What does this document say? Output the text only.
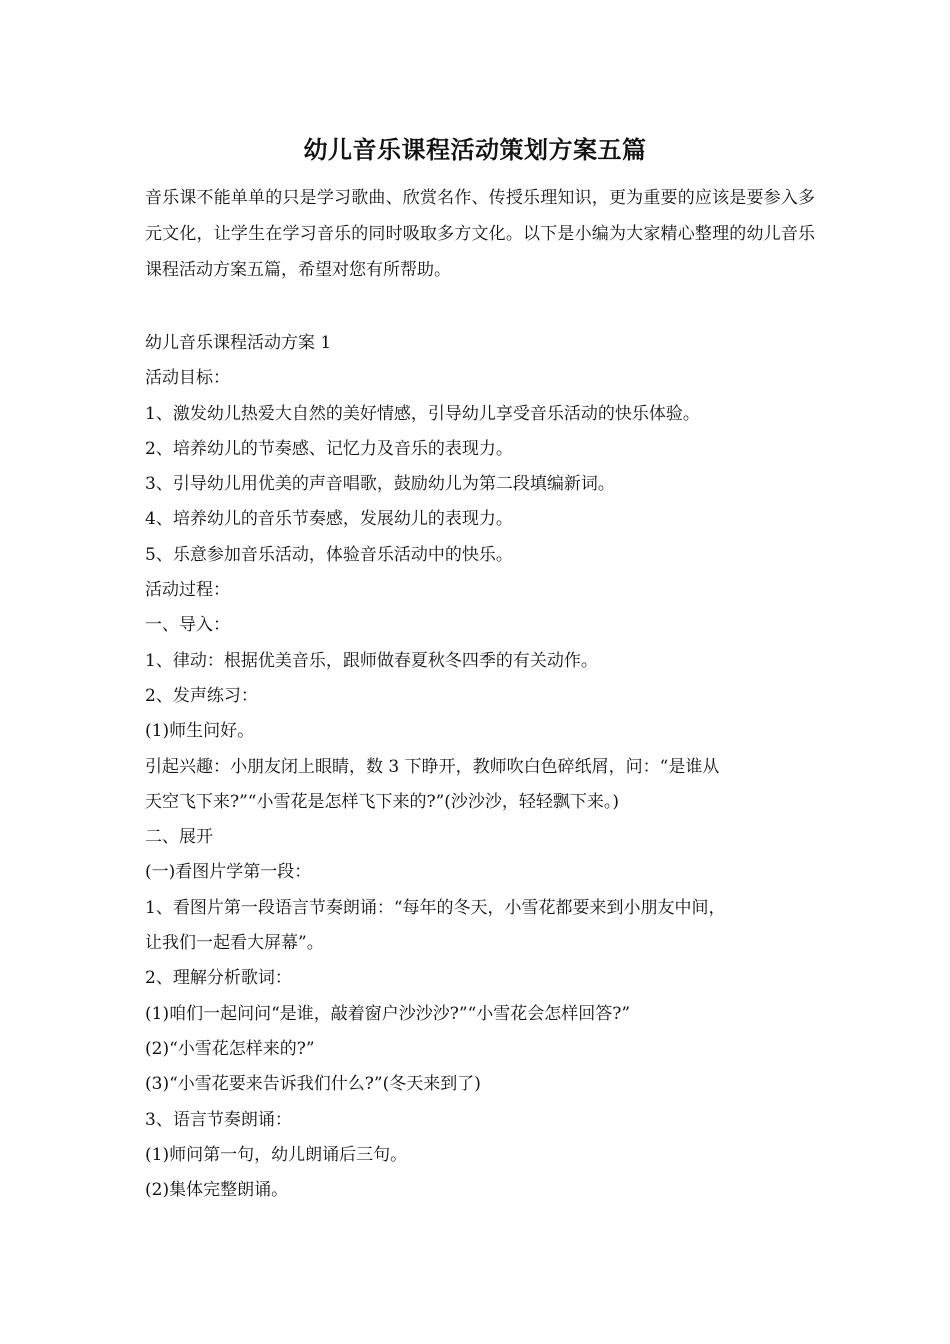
幼儿音乐课程活动策划方案五篇

音乐课不能单单的只是学习歌曲、欣赏名作、传授乐理知识，更为重要的应该是要参入多元文化，让学生在学习音乐的同时吸取多方文化。以下是小编为大家精心整理的幼儿音乐课程活动方案五篇，希望对您有所帮助。

幼儿音乐课程活动方案 1

活动目标：

1、激发幼儿热爱大自然的美好情感，引导幼儿享受音乐活动的快乐体验。

2、培养幼儿的节奏感、记忆力及音乐的表现力。

3、引导幼儿用优美的声音唱歌，鼓励幼儿为第二段填编新词。

4、培养幼儿的音乐节奏感，发展幼儿的表现力。

5、乐意参加音乐活动，体验音乐活动中的快乐。

活动过程：

一、导入：

1、律动：根据优美音乐，跟师做春夏秋冬四季的有关动作。

2、发声练习：

(1)师生问好。

引起兴趣：小朋友闭上眼睛，数 3 下睁开，教师吹白色碎纸屑，问：“是谁从

天空飞下来?”“小雪花是怎样飞下来的?”(沙沙沙，轻轻飘下来。)

二、展开

(一)看图片学第一段：

1、看图片第一段语言节奏朗诵：“每年的冬天，小雪花都要来到小朋友中间，

让我们一起看大屏幕”。

2、理解分析歌词：

(1)咱们一起问问“是谁，敲着窗户沙沙沙?”“小雪花会怎样回答?”

(2)“小雪花怎样来的?”

(3)“小雪花要来告诉我们什么?”(冬天来到了)

3、语言节奏朗诵：

(1)师问第一句，幼儿朗诵后三句。

(2)集体完整朗诵。
